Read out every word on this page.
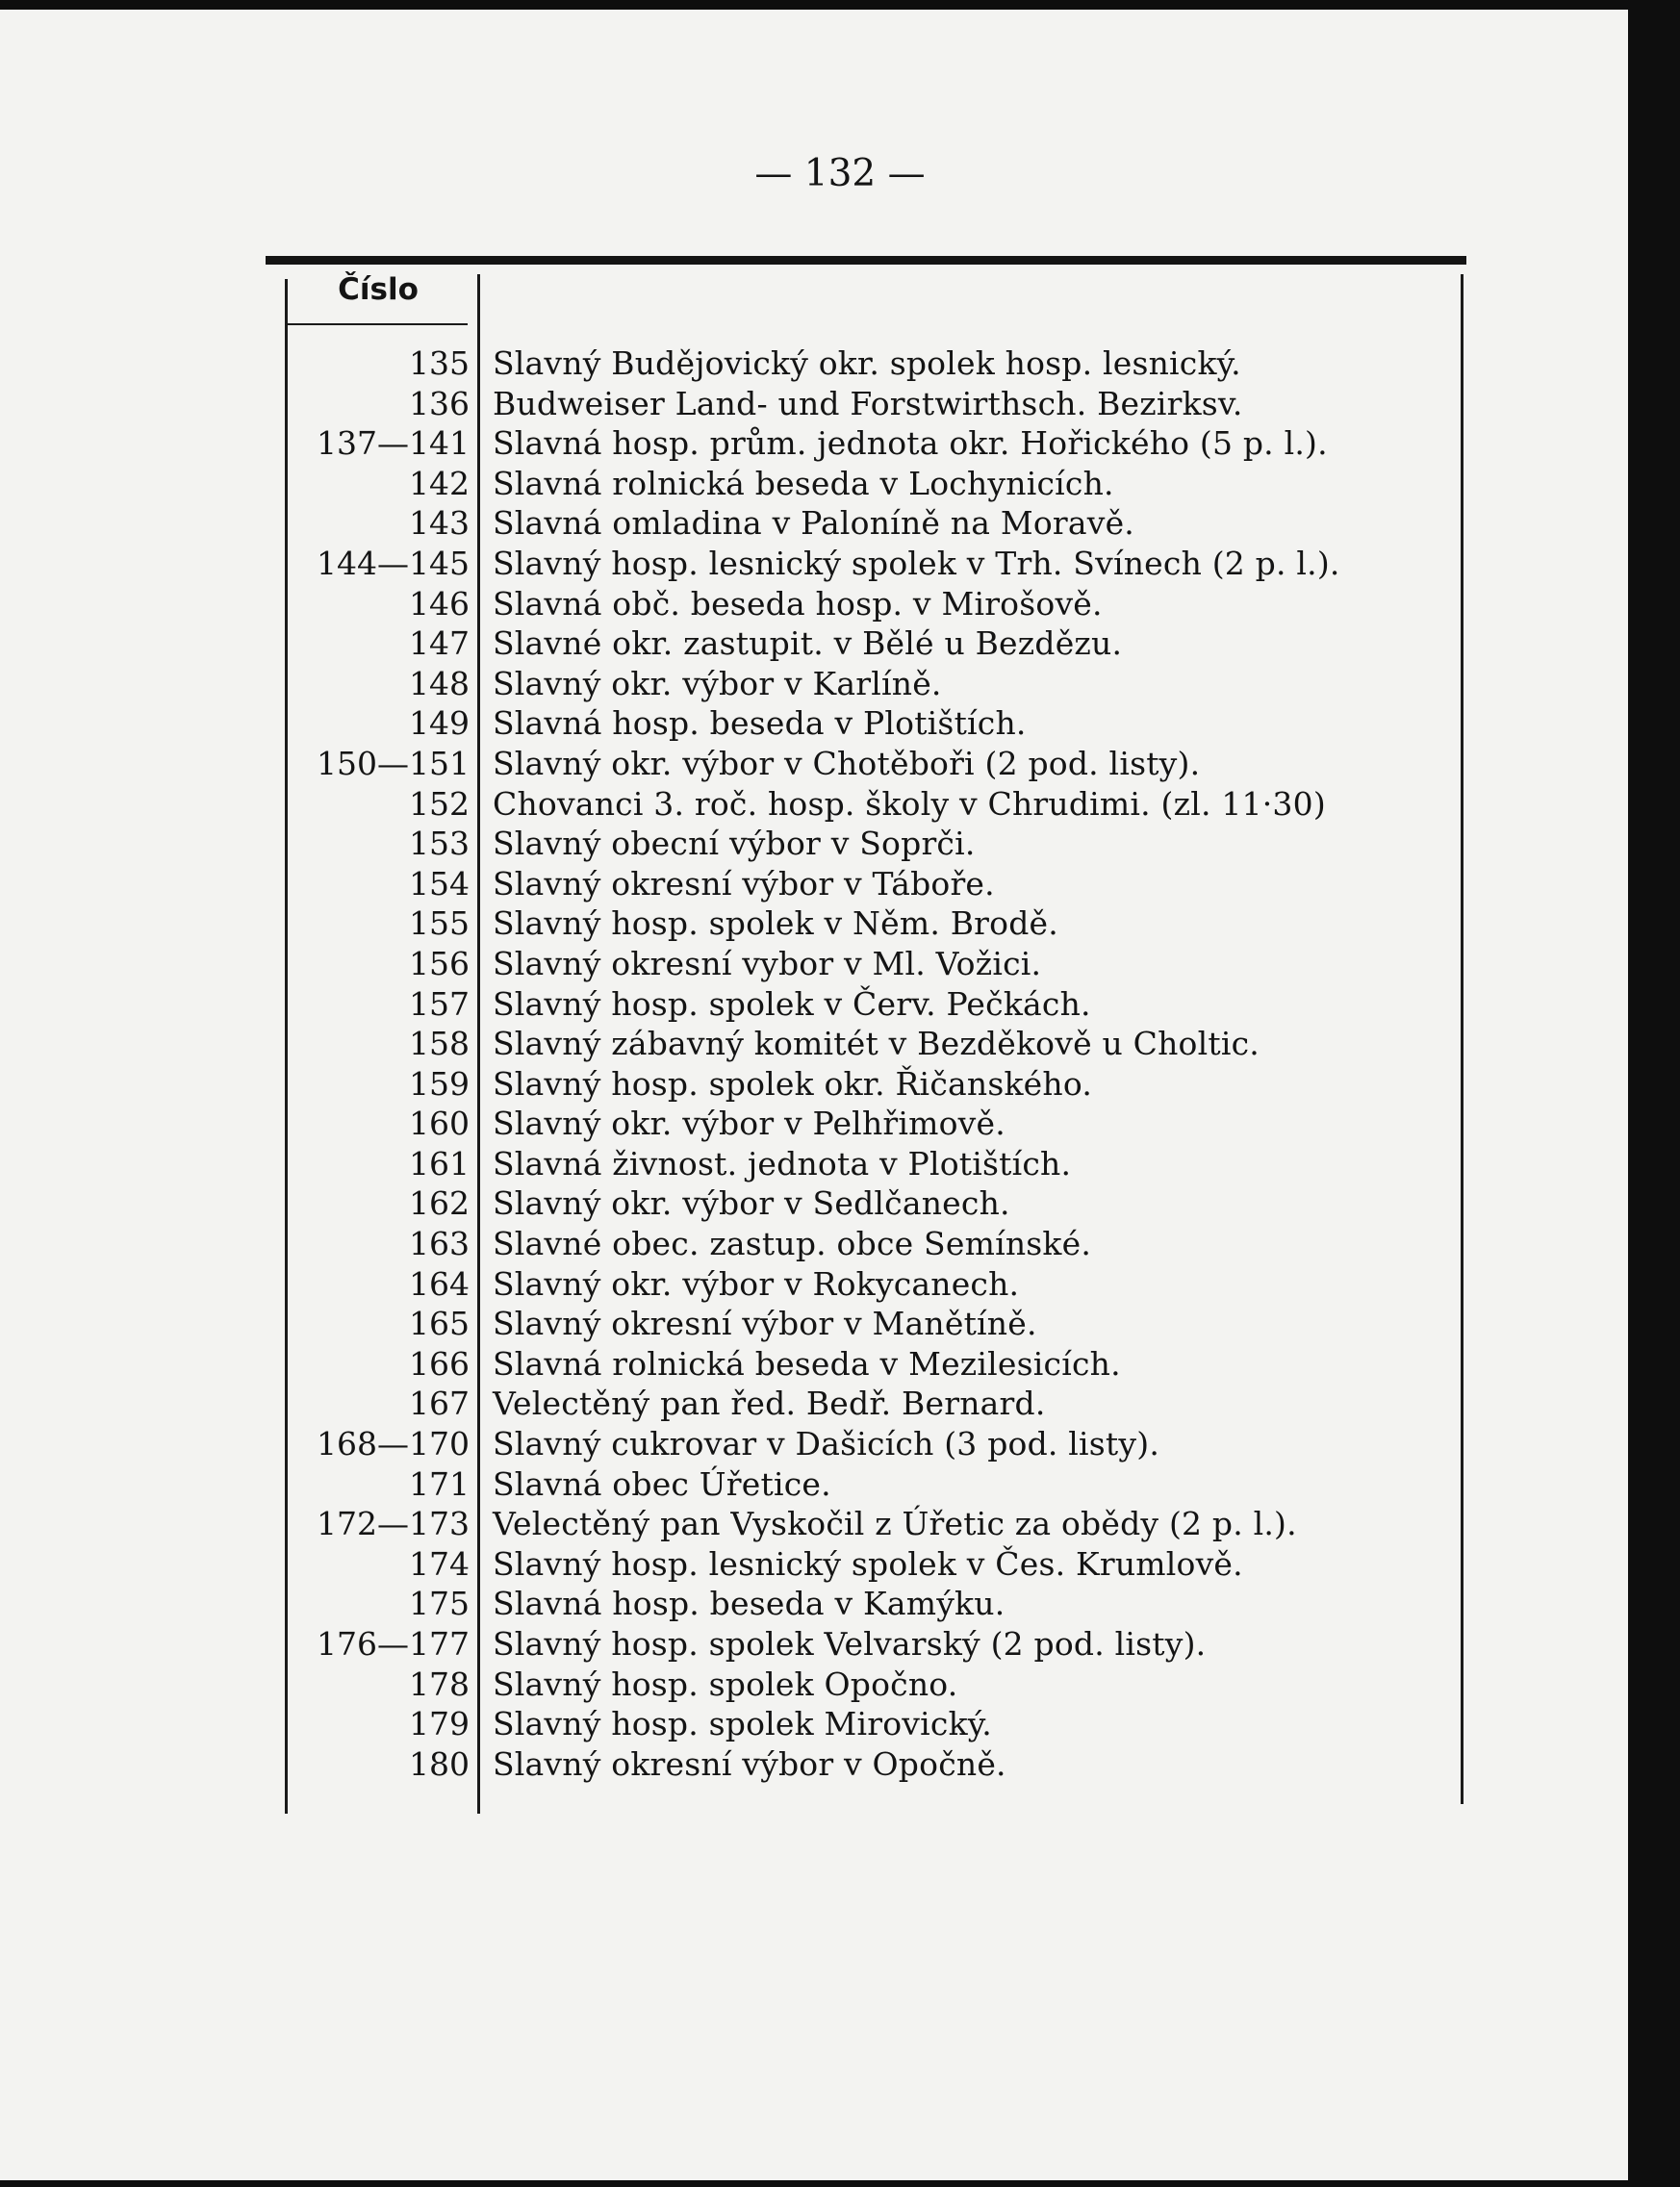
— 132 —
Číslo
135 Slavný Budějovický okr. spolek hosp. lesnický.
136 Budweiser Land- und Forstwirthsch. Bezirksv.
137—141 Slavná hosp. prům. jednota okr. Hořického (5 p. l.).
142 Slavná rolnická beseda v Lochynicích.
143 Slavná omladina v Paloníně na Moravě.
144—145 Slavný hosp. lesnický spolek v Trh. Svínech (2 p. l.).
146 Slavná obč. beseda hosp. v Mirošově.
147 Slavné okr. zastupit. v Bělé u Bezdězu.
148 Slavný okr. výbor v Karlíně.
149 Slavná hosp. beseda v Plotištích.
150—151 Slavný okr. výbor v Chotěboři (2 pod. listy).
152 Chovanci 3. roč. hosp. školy v Chrudimi. (zl. 11·30)
153 Slavný obecní výbor v Soprči.
154 Slavný okresní výbor v Táboře.
155 Slavný hosp. spolek v Něm. Brodě.
156 Slavný okresní vybor v Ml. Vožici.
157 Slavný hosp. spolek v Červ. Pečkách.
158 Slavný zábavný komitét v Bezděkově u Choltic.
159 Slavný hosp. spolek okr. Řičanského.
160 Slavný okr. výbor v Pelhřimově.
161 Slavná živnost. jednota v Plotištích.
162 Slavný okr. výbor v Sedlčanech.
163 Slavné obec. zastup. obce Semínské.
164 Slavný okr. výbor v Rokycanech.
165 Slavný okresní výbor v Manětíně.
166 Slavná rolnická beseda v Mezilesicích.
167 Velectěný pan řed. Bedř. Bernard.
168—170 Slavný cukrovar v Dašicích (3 pod. listy).
171 Slavná obec Úřetice.
172—173 Velectěný pan Vyskočil z Úřetic za obědy (2 p. l.).
174 Slavný hosp. lesnický spolek v Čes. Krumlově.
175 Slavná hosp. beseda v Kamýku.
176—177 Slavný hosp. spolek Velvarský (2 pod. listy).
178 Slavný hosp. spolek Opočno.
179 Slavný hosp. spolek Mirovický.
180 Slavný okresní výbor v Opočně.
